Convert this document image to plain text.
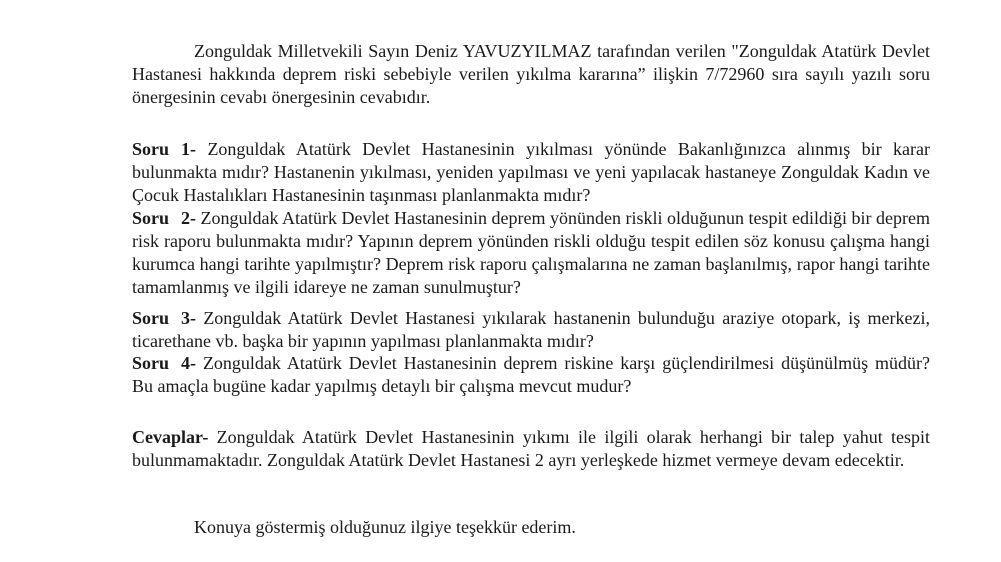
Zonguldak Milletvekili Sayın Deniz YAVUZYILMAZ tarafından verilen "Zonguldak Atatürk Devlet Hastanesi hakkında deprem riski sebebiyle verilen yıkılma kararına” ilişkin 7/72960 sıra sayılı yazılı soru önergesinin cevabı önergesinin cevabıdır.

Soru 1- Zonguldak Atatürk Devlet Hastanesinin yıkılması yönünde Bakanlığınızca alınmış bir karar bulunmakta mıdır? Hastanenin yıkılması, yeniden yapılması ve yeni yapılacak hastaneye Zonguldak Kadın ve Çocuk Hastalıkları Hastanesinin taşınması planlanmakta mıdır?

Soru 2- Zonguldak Atatürk Devlet Hastanesinin deprem yönünden riskli olduğunun tespit edildiği bir deprem risk raporu bulunmakta mıdır? Yapının deprem yönünden riskli olduğu tespit edilen söz konusu çalışma hangi kurumca hangi tarihte yapılmıştır? Deprem risk raporu çalışmalarına ne zaman başlanılmış, rapor hangi tarihte tamamlanmış ve ilgili idareye ne zaman sunulmuştur?

Soru 3- Zonguldak Atatürk Devlet Hastanesi yıkılarak hastanenin bulunduğu araziye otopark, iş merkezi, ticarethane vb. başka bir yapının yapılması planlanmakta mıdır?

Soru 4- Zonguldak Atatürk Devlet Hastanesinin deprem riskine karşı güçlendirilmesi düşünülmüş müdür? Bu amaçla bugüne kadar yapılmış detaylı bir çalışma mevcut mudur?

Cevaplar- Zonguldak Atatürk Devlet Hastanesinin yıkımı ile ilgili olarak herhangi bir talep yahut tespit bulunmamaktadır. Zonguldak Atatürk Devlet Hastanesi 2 ayrı yerleşkede hizmet vermeye devam edecektir.

Konuya göstermiş olduğunuz ilgiye teşekkür ederim.
